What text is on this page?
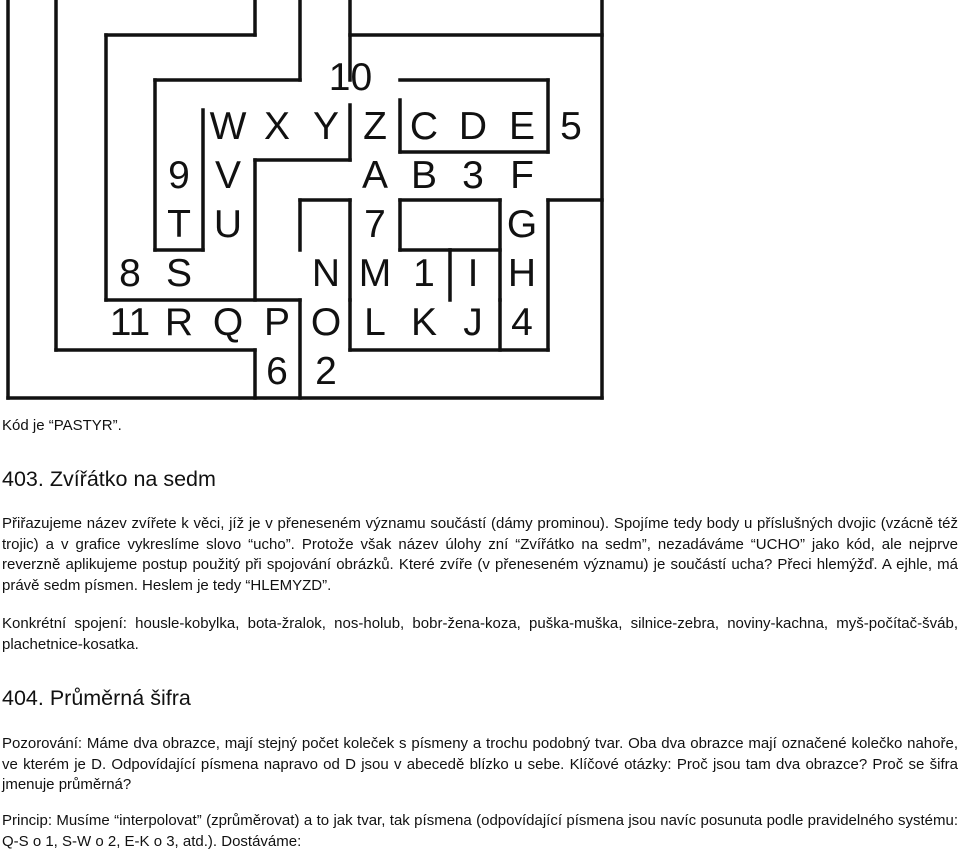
10
W X Y Z C D E 5
9 V	A B 3 F
T U	7	G
8 S	N M 1 I H
11 R Q P O L K J 4
6 2

Kód je “PASTYR”.

403. Zvířátko na sedm

Přiřazujeme název zvířete k věci, jíž je v přeneseném významu součástí (dámy prominou). Spojíme tedy body u příslušných dvojic (vzácně též trojic) a v grafice vykreslíme slovo “ucho”. Protože však název úlohy zní “Zvířátko na sedm”, nezadáváme “UCHO” jako kód, ale nejprve reverzně aplikujeme postup použitý při spojování obrázků. Které zvíře (v přeneseném významu) je součástí ucha? Přeci hlemýžď. A ejhle, má právě sedm písmen. Heslem je tedy “HLEMYZD”.

Konkrétní spojení: housle-kobylka, bota-žralok, nos-holub, bobr-žena-koza, puška-muška, silnice-zebra, noviny-kachna, myš-počítač-šváb, plachetnice-kosatka.

404. Průměrná šifra

Pozorování: Máme dva obrazce, mají stejný počet koleček s písmeny a trochu podobný tvar. Oba dva obrazce mají označené kolečko nahoře, ve kterém je D. Odpovídající písmena napravo od D jsou v abecedě blízko u sebe. Klíčové otázky: Proč jsou tam dva obrazce? Proč se šifra jmenuje průměrná?

Princip: Musíme “interpolovat” (zprůměrovat) a to jak tvar, tak písmena (odpovídající písmena jsou navíc posunuta podle pravidelného systému: Q-S o 1, S-W o 2, E-K o 3, atd.). Dostáváme:
